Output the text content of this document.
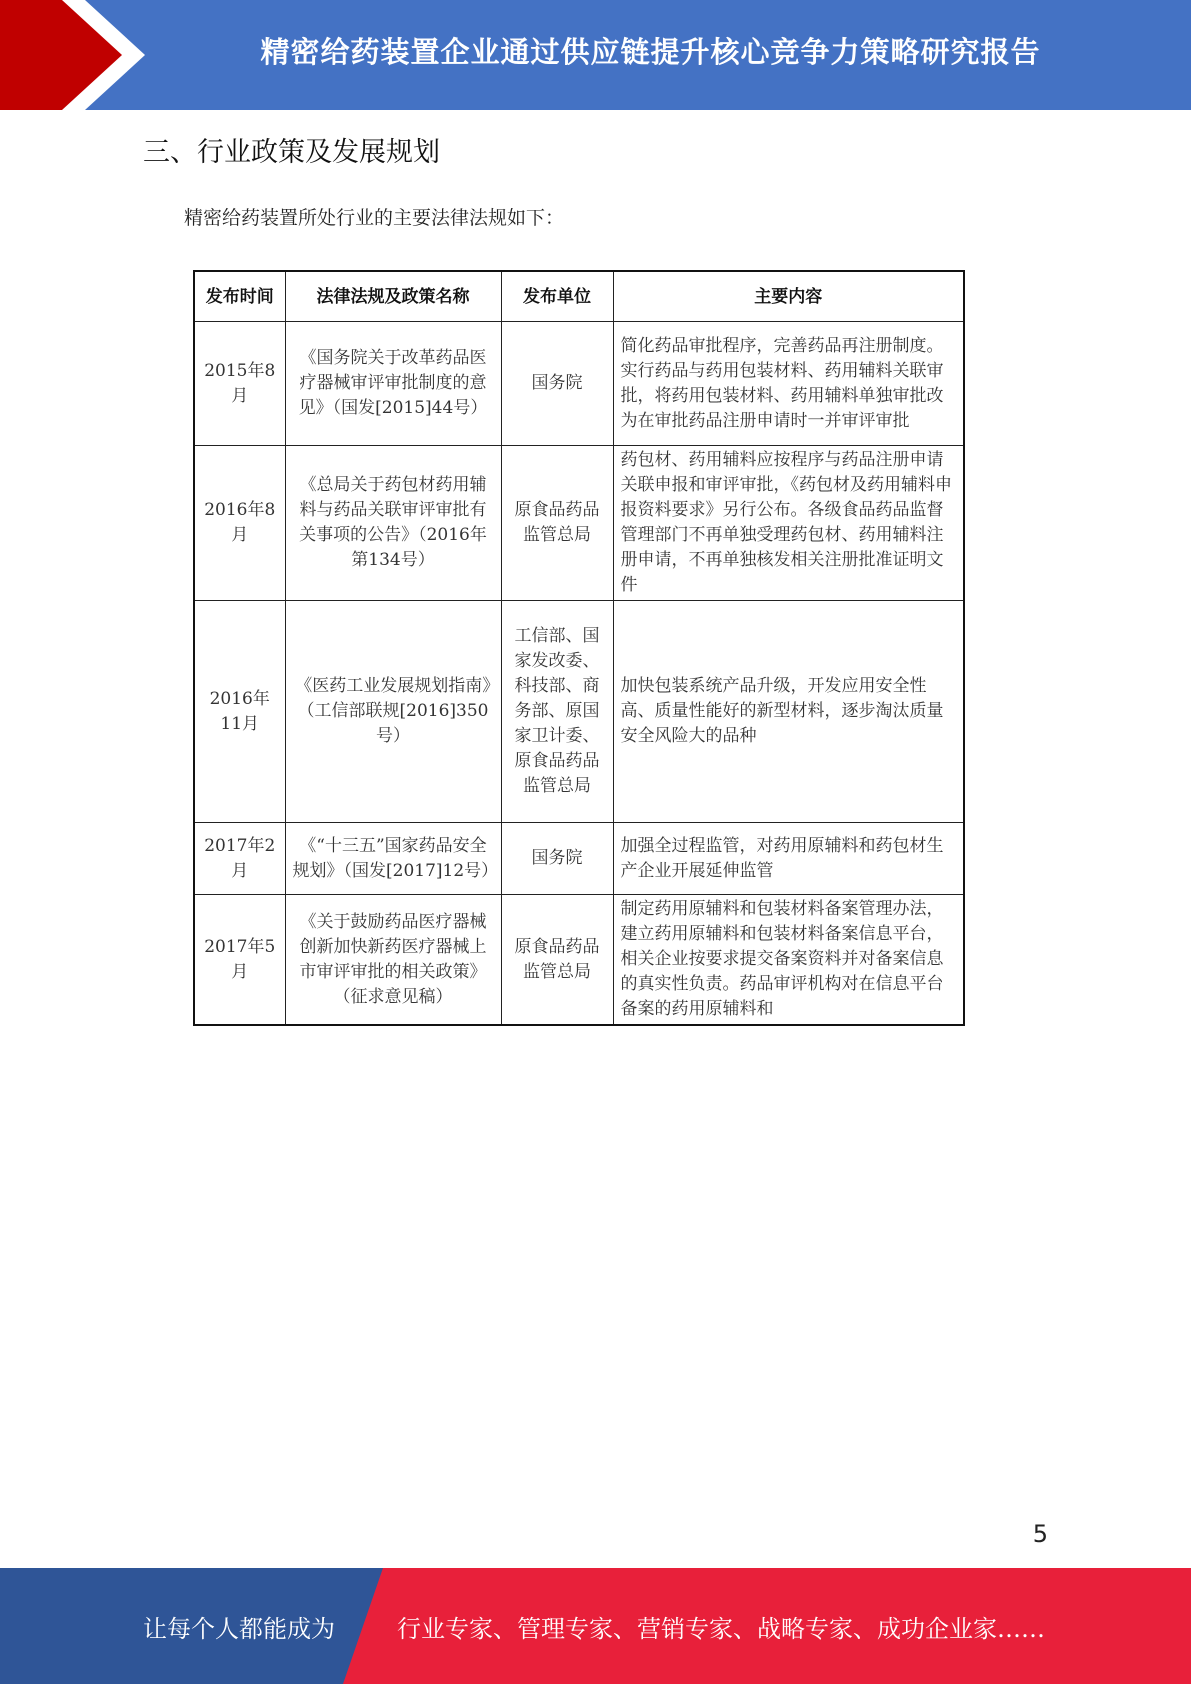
精密给药装置企业通过供应链提升核心竞争力策略研究报告
三、行业政策及发展规划
精密给药装置所处行业的主要法律法规如下：
发布时间	法律法规及政策名称	发布单位	主要内容
2015年8月	《国务院关于改革药品医疗器械审评审批制度的意见》（国发[2015]44号）	国务院	简化药品审批程序，完善药品再注册制度。实行药品与药用包装材料、药用辅料关联审批，将药用包装材料、药用辅料单独审批改为在审批药品注册申请时一并审评审批
2016年8月	《总局关于药包材药用辅料与药品关联审评审批有关事项的公告》（2016年第134号）	原食品药品监管总局	药包材、药用辅料应按程序与药品注册申请关联申报和审评审批，《药包材及药用辅料申报资料要求》另行公布。各级食品药品监督管理部门不再单独受理药包材、药用辅料注册申请，不再单独核发相关注册批准证明文件
2016年11月	《医药工业发展规划指南》（工信部联规[2016]350号）	工信部、国家发改委、科技部、商务部、原国家卫计委、原食品药品监管总局	加快包装系统产品升级，开发应用安全性高、质量性能好的新型材料，逐步淘汰质量安全风险大的品种
2017年2月	《“十三五”国家药品安全规划》（国发[2017]12号）	国务院	加强全过程监管，对药用原辅料和药包材生产企业开展延伸监管
2017年5月	《关于鼓励药品医疗器械创新加快新药医疗器械上市审评审批的相关政策》（征求意见稿）	原食品药品监管总局	制定药用原辅料和包装材料备案管理办法，建立药用原辅料和包装材料备案信息平台，相关企业按要求提交备案资料并对备案信息的真实性负责。药品审评机构对在信息平台备案的药用原辅料和
5
让每个人都能成为	行业专家、管理专家、营销专家、战略专家、成功企业家……
